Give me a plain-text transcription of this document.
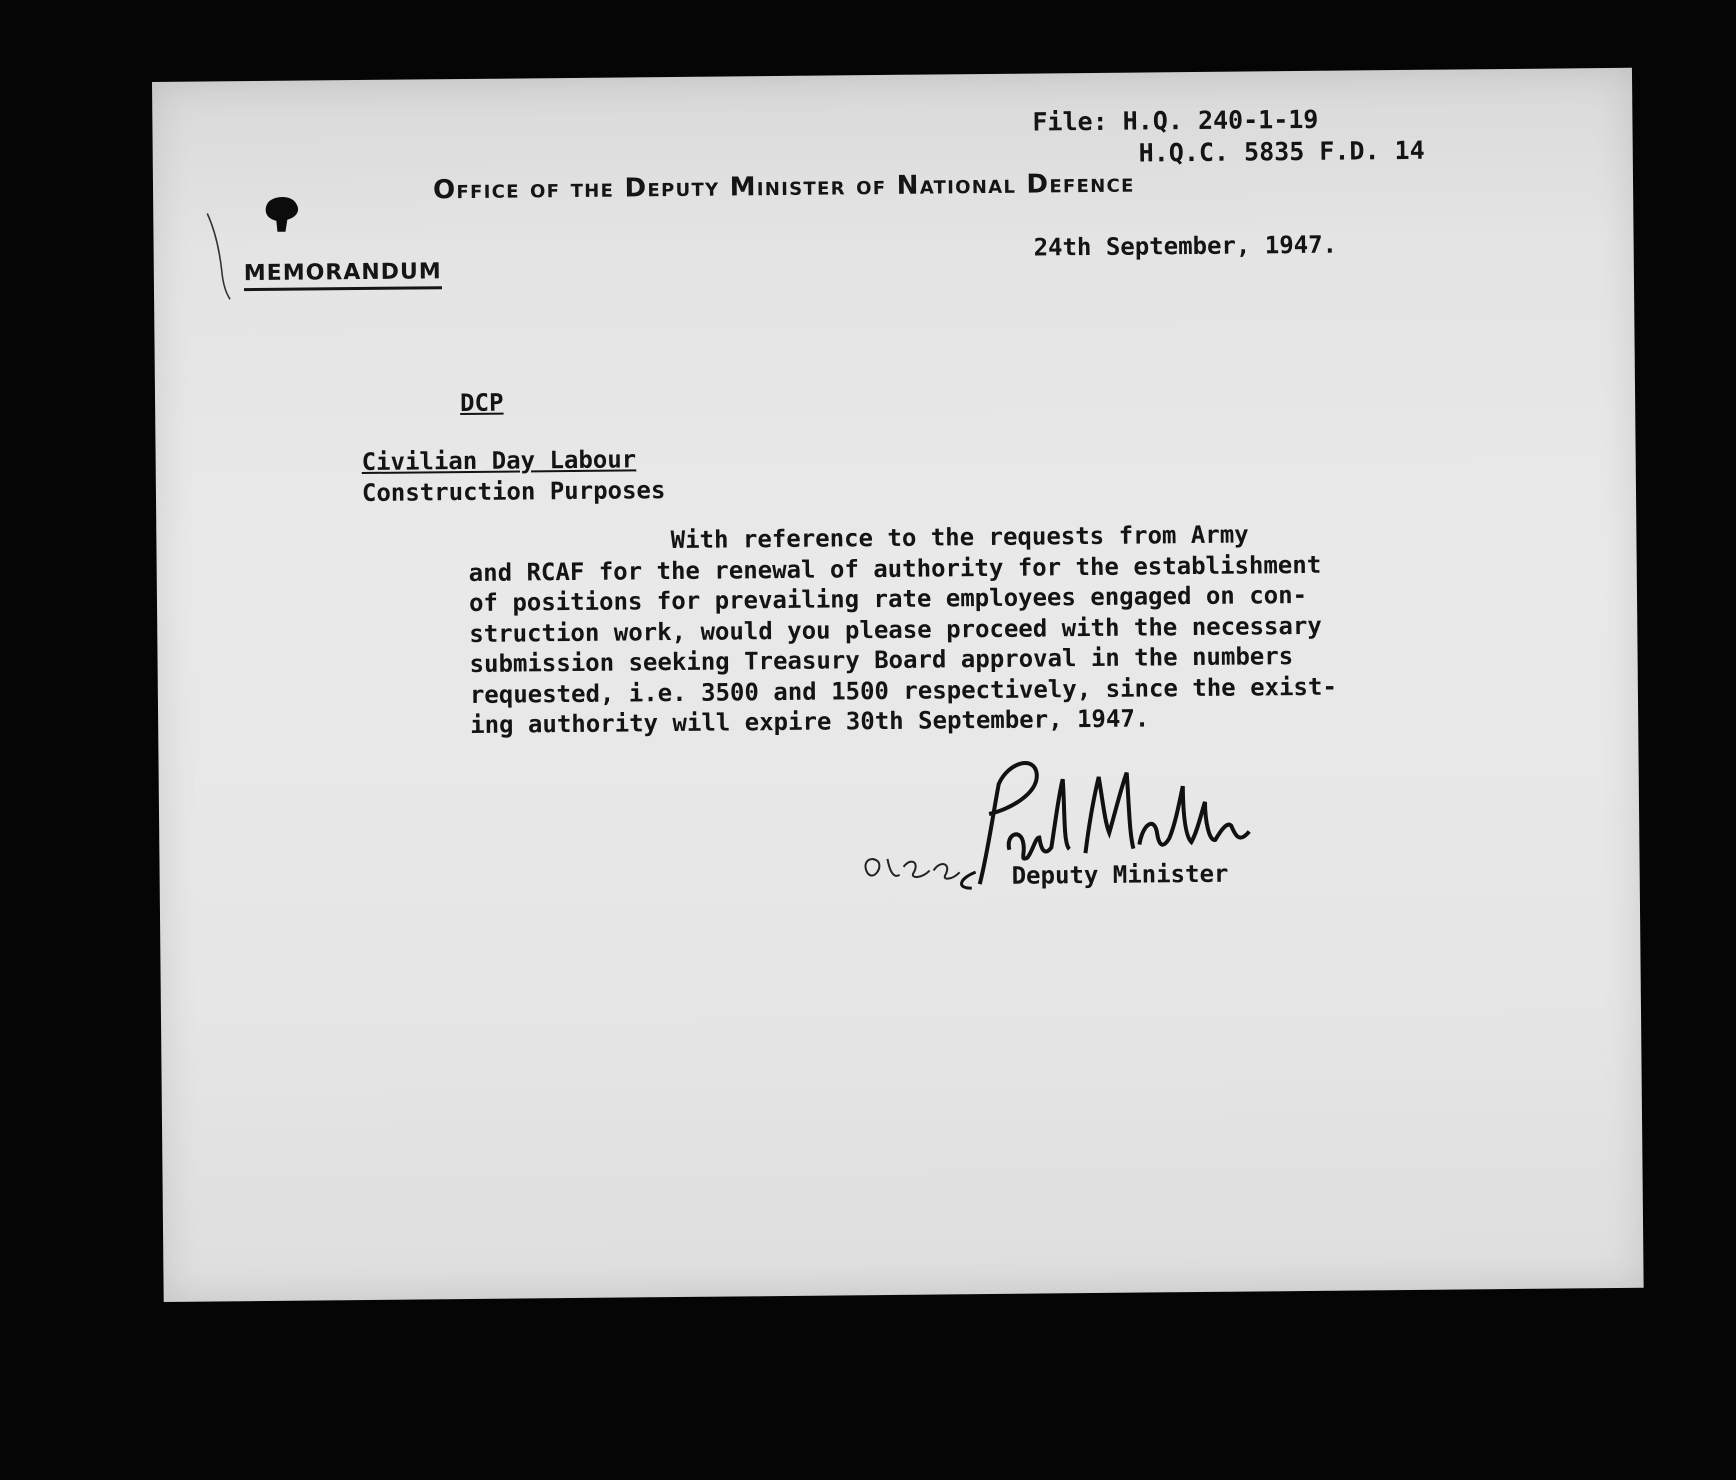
File: H.Q. 240-1-19
H.Q.C. 5835 F.D. 14
Office of the Deputy Minister of National Defence
MEMORANDUM
24th September, 1947.
DCP
Civilian Day Labour
Construction Purposes
With reference to the requests from Army
and RCAF for the renewal of authority for the establishment
of positions for prevailing rate employees engaged on con-
struction work, would you please proceed with the necessary
submission seeking Treasury Board approval in the numbers
requested, i.e. 3500 and 1500 respectively, since the exist-
ing authority will expire 30th September, 1947.
Deputy Minister
